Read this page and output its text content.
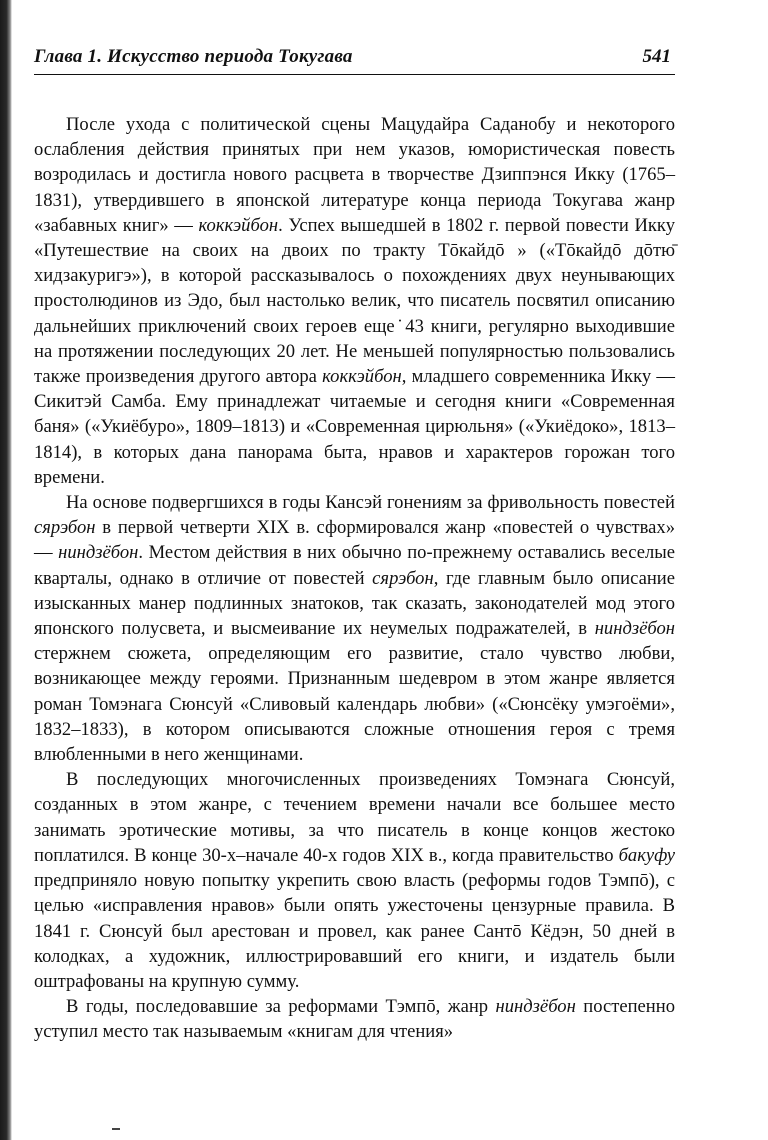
Глава 1. Искусство периода Токугава	541

После ухода с политической сцены Мацудайра Саданобу и некоторого ослабления действия принятых при нем указов, юмористическая повесть возродилась и достигла нового расцвета в творчестве Дзиппэнся Икку (1765–1831), утвердившего в японской литературе конца периода Токугава жанр «забавных книг» — коккэйбон. Успех вышедшей в 1802 г. первой повести Икку «Путешествие на своих на двоих по тракту Тōкайдō » («Тōкайдō дōтю̄ хидзакуригэ»), в которой рассказывалось о похождениях двух неунывающих простолюдинов из Эдо, был настолько велик, что писатель посвятил описанию дальнейших приключений своих героев еще˙43 книги, регулярно выходившие на протяжении последующих 20 лет. Не меньшей популярностью пользовались также произведения другого автора коккэйбон, младшего современника Икку — Сикитэй Самба. Ему принадлежат читаемые и сегодня книги «Современная баня» («Укиёбуро», 1809–1813) и «Современная цирюльня» («Укиёдоко», 1813–1814), в которых дана панорама быта, нравов и характеров горожан того времени.

На основе подвергшихся в годы Кансэй гонениям за фривольность повестей сярэбон в первой четверти XIX в. сформировался жанр «повестей о чувствах» — ниндзёбон. Местом действия в них обычно по-прежнему оставались веселые кварталы, однако в отличие от повестей сярэбон, где главным было описание изысканных манер подлинных знатоков, так сказать, законодателей мод этого японского полусвета, и высмеивание их неумелых подражателей, в ниндзёбон стержнем сюжета, определяющим его развитие, стало чувство любви, возникающее между героями. Признанным шедевром в этом жанре является роман Томэнага Сюнсуй «Сливовый календарь любви» («Сюнсёку умэгоёми», 1832–1833), в котором описываются сложные отношения героя с тремя влюбленными в него женщинами.

В последующих многочисленных произведениях Томэнага Сюнсуй, созданных в этом жанре, с течением времени начали все большее место занимать эротические мотивы, за что писатель в конце концов жестоко поплатился. В конце 30-х–начале 40-х годов XIX в., когда правительство бакуфу предприняло новую попытку укрепить свою власть (реформы годов Тэмпō), с целью «исправления нравов» были опять ужесточены цензурные правила. В 1841 г. Сюнсуй был арестован и провел, как ранее Сантō Кёдэн, 50 дней в колодках, а художник, иллюстрировавший его книги, и издатель были оштрафованы на крупную сумму.

В годы, последовавшие за реформами Тэмпō, жанр ниндзёбон постепенно уступил место так называемым «книгам для чтения»
